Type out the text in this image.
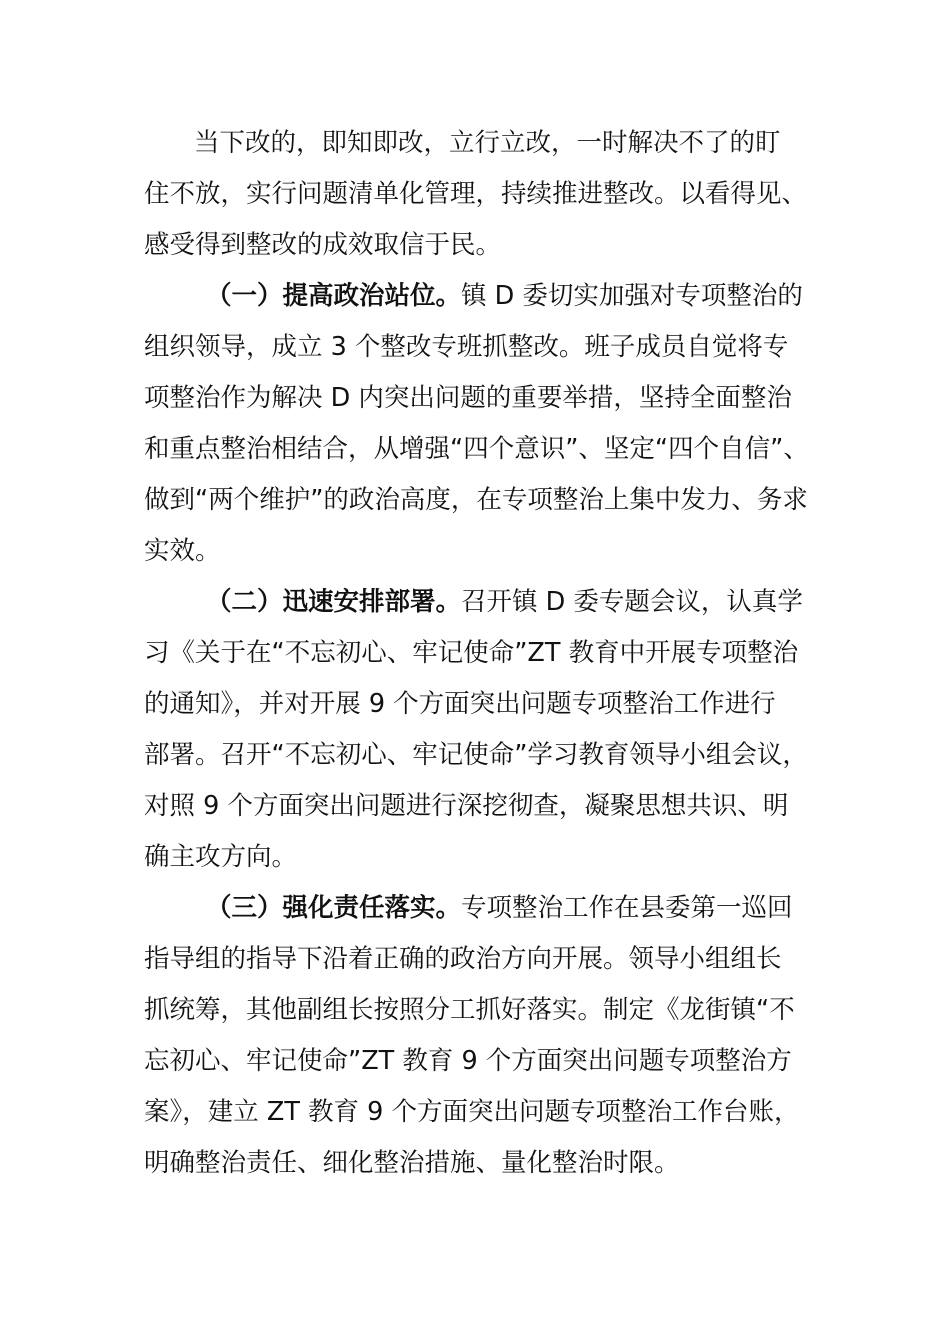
当下改的，即知即改，立行立改，一时解决不了的盯
住不放，实行问题清单化管理，持续推进整改。以看得见、
感受得到整改的成效取信于民。
（一）提高政治站位。镇 D 委切实加强对专项整治的
组织领导，成立 3 个整改专班抓整改。班子成员自觉将专
项整治作为解决 D 内突出问题的重要举措，坚持全面整治
和重点整治相结合，从增强“四个意识”、坚定“四个自信”、
做到“两个维护”的政治高度，在专项整治上集中发力、务求
实效。
（二）迅速安排部署。召开镇 D 委专题会议，认真学
习《关于在“不忘初心、牢记使命”ZT 教育中开展专项整治
的通知》，并对开展 9 个方面突出问题专项整治工作进行
部署。召开“不忘初心、牢记使命”学习教育领导小组会议，
对照 9 个方面突出问题进行深挖彻查，凝聚思想共识、明
确主攻方向。
（三）强化责任落实。专项整治工作在县委第一巡回
指导组的指导下沿着正确的政治方向开展。领导小组组长
抓统筹，其他副组长按照分工抓好落实。制定《龙街镇“不
忘初心、牢记使命”ZT 教育 9 个方面突出问题专项整治方
案》，建立 ZT 教育 9 个方面突出问题专项整治工作台账，
明确整治责任、细化整治措施、量化整治时限。
